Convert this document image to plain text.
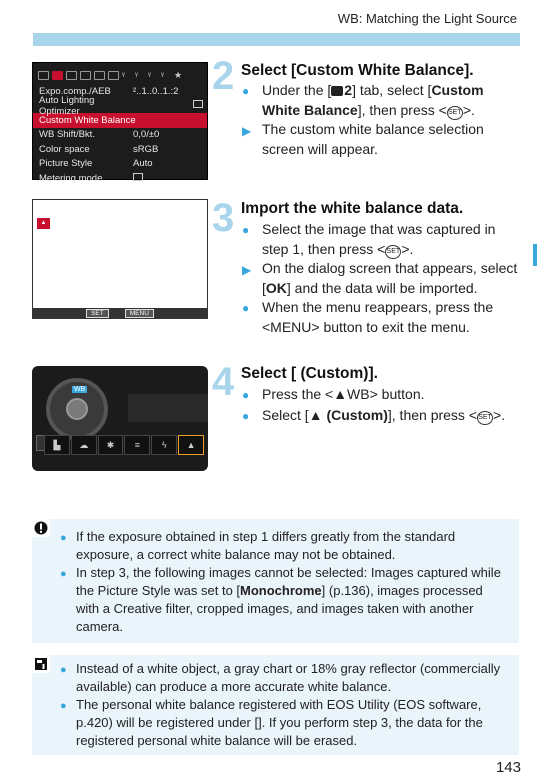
WB: Matching the Light Source
ᵞ	ᵞ	ᵞ	ᵞ	★
Expo.comp./AEB	²..1..0..1.:2
Auto Lighting Optimizer
Custom White Balance
WB Shift/Bkt.	0,0/±0
Color space	sRGB
Picture Style	Auto
Metering mode
2 Select [Custom White Balance].
● Under the [ 2] tab, select [Custom White Balance], then press <SET>.
▶ The custom white balance selection screen will appear.
▲
SET	MENU
3 Import the white balance data.
● Select the image that was captured in step 1, then press <SET>.
▶ On the dialog screen that appears, select [OK] and the data will be imported.
● When the menu reappears, press the <MENU> button to exit the menu.
WB
▙	☁	✱	≡	ϟ	▲
4 Select [ (Custom)].
● Press the <▲WB> button.
● Select [▲ (Custom)], then press <SET>.
● If the exposure obtained in step 1 differs greatly from the standard exposure, a correct white balance may not be obtained.
● In step 3, the following images cannot be selected: Images captured while the Picture Style was set to [Monochrome] (p.136), images processed with a Creative filter, cropped images, and images taken with another camera.
● Instead of a white object, a gray chart or 18% gray reflector (commercially available) can produce a more accurate white balance.
● The personal white balance registered with EOS Utility (EOS software, p.420) will be registered under []. If you perform step 3, the data for the registered personal white balance will be erased.
143
